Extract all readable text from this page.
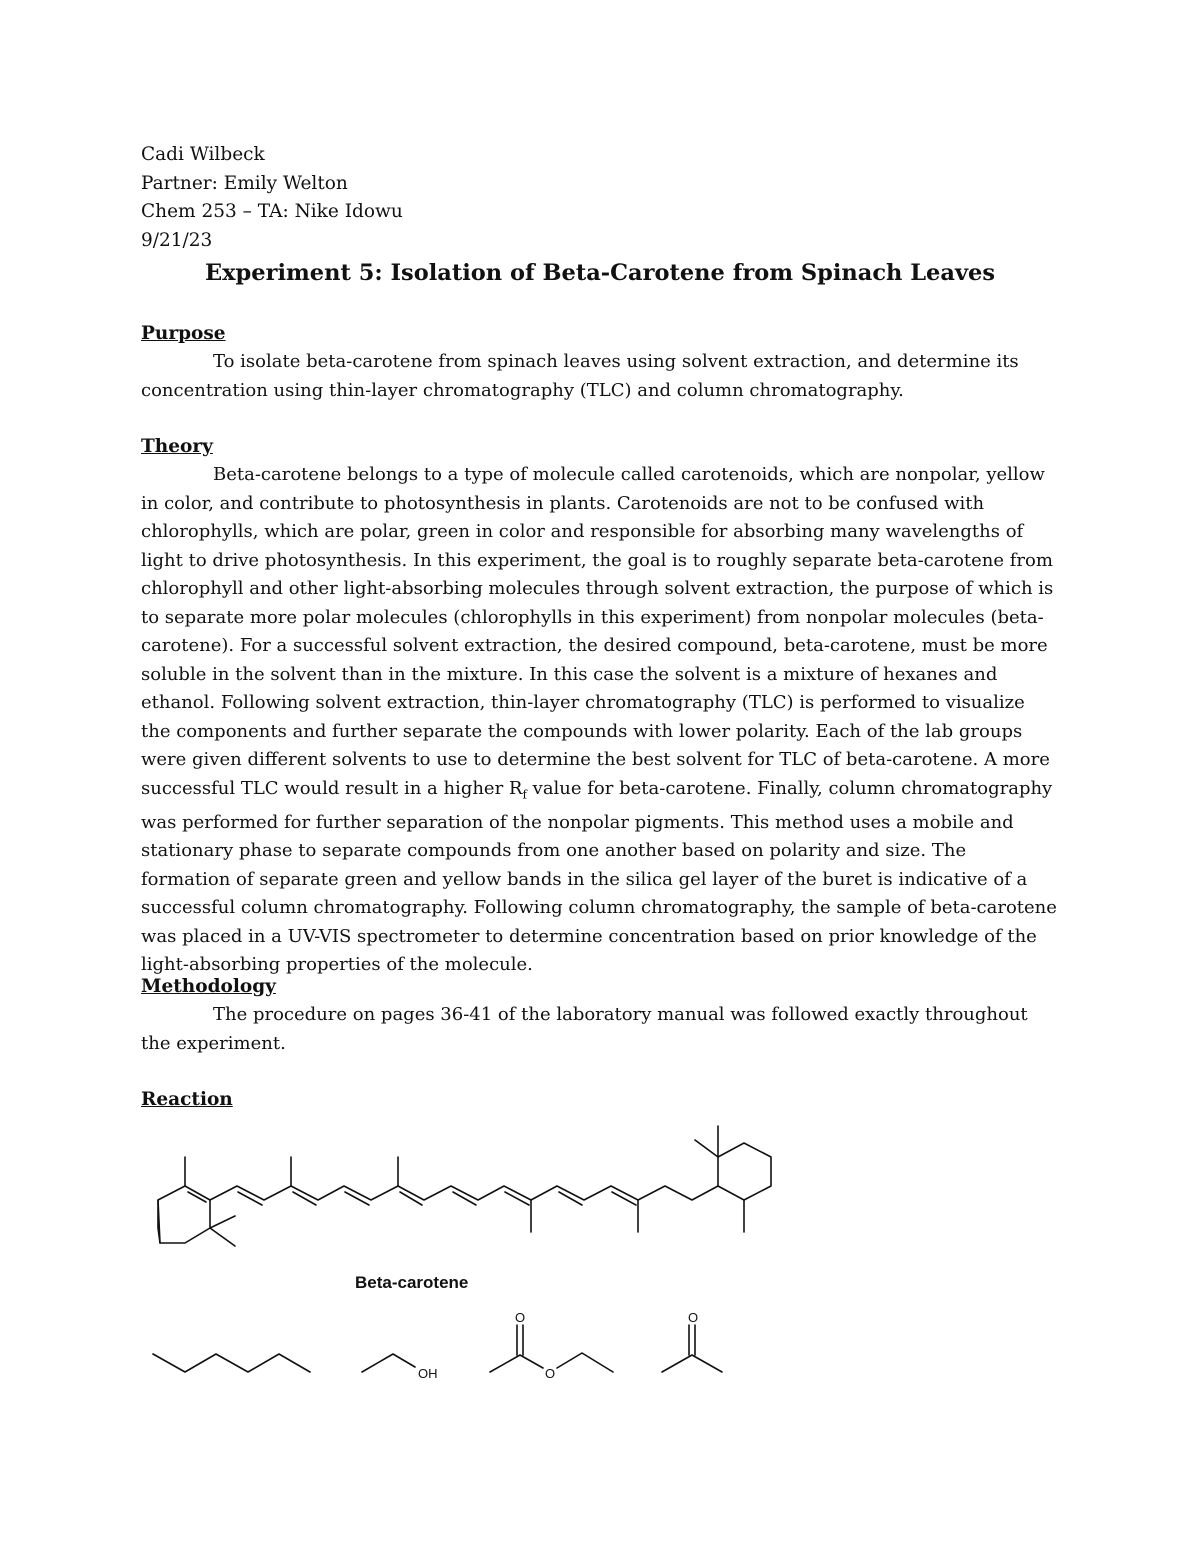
Cadi Wilbeck
Partner: Emily Welton
Chem 253 – TA: Nike Idowu
9/21/23
Experiment 5: Isolation of Beta-Carotene from Spinach Leaves
Purpose

To isolate beta-carotene from spinach leaves using solvent extraction, and determine its concentration using thin-layer chromatography (TLC) and column chromatography.

Theory

Beta-carotene belongs to a type of molecule called carotenoids, which are nonpolar, yellow in color, and contribute to photosynthesis in plants. Carotenoids are not to be confused with chlorophylls, which are polar, green in color and responsible for absorbing many wavelengths of light to drive photosynthesis. In this experiment, the goal is to roughly separate beta-carotene from chlorophyll and other light-absorbing molecules through solvent extraction, the purpose of which is to separate more polar molecules (chlorophylls in this experiment) from nonpolar molecules (beta-carotene). For a successful solvent extraction, the desired compound, beta-carotene, must be more soluble in the solvent than in the mixture. In this case the solvent is a mixture of hexanes and ethanol. Following solvent extraction, thin-layer chromatography (TLC) is performed to visualize the components and further separate the compounds with lower polarity. Each of the lab groups were given different solvents to use to determine the best solvent for TLC of beta-carotene. A more successful TLC would result in a higher $R_f$ value for beta-carotene. Finally, column chromatography was performed for further separation of the nonpolar pigments. This method uses a mobile and stationary phase to separate compounds from one another based on polarity and size. The formation of separate green and yellow bands in the silica gel layer of the buret is indicative of a successful column chromatography. Following column chromatography, the sample of beta-carotene was placed in a UV-VIS spectrometer to determine concentration based on prior knowledge of the light-absorbing properties of the molecule.

Methodology

The procedure on pages 36-41 of the laboratory manual was followed exactly throughout the experiment.

Reaction
OH
O
O
O
Beta-carotene
